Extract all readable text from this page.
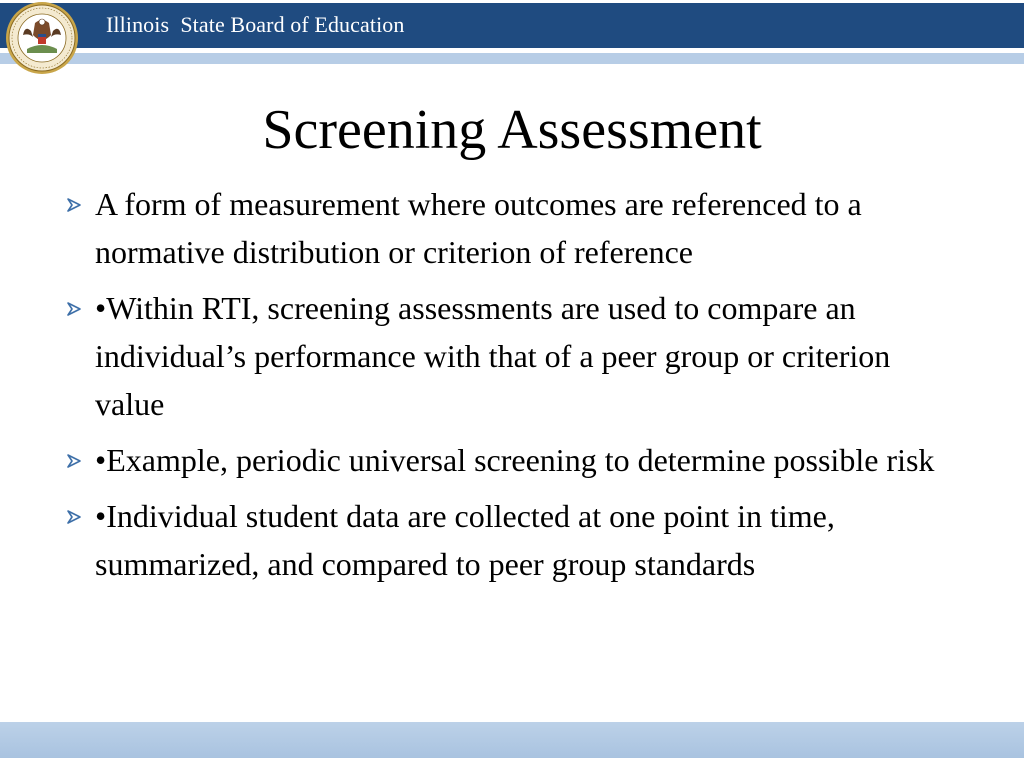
Illinois  State Board of Education
Screening Assessment
A form of measurement where outcomes are referenced to a normative distribution or criterion of reference
•Within RTI, screening assessments are used to compare an individual’s performance with that of a peer group or criterion value
•Example, periodic universal screening to determine possible risk
•Individual student data are collected at one point in time, summarized, and compared to peer group standards
